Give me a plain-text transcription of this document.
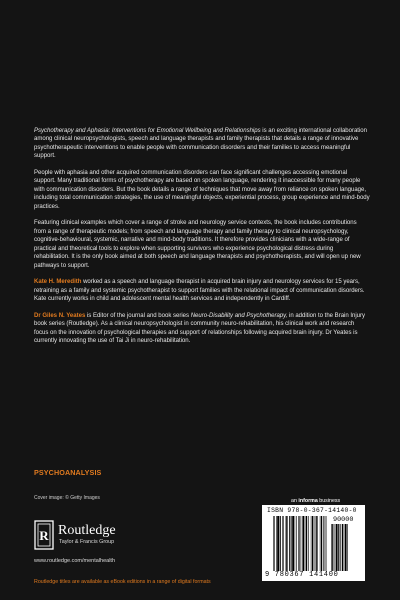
Psychotherapy and Aphasia: Interventions for Emotional Wellbeing and Relationships is an exciting international collaboration among clinical neuropsychologists, speech and language therapists and family therapists that details a range of innovative psychotherapeutic interventions to enable people with communication disorders and their families to access meaningful support.

People with aphasia and other acquired communication disorders can face significant challenges accessing emotional support. Many traditional forms of psychotherapy are based on spoken language, rendering it inaccessible for many people with communication disorders. But the book details a range of techniques that move away from reliance on spoken language, including total communication strategies, the use of meaningful objects, experiential process, group experience and mind-body practices.

Featuring clinical examples which cover a range of stroke and neurology service contexts, the book includes contributions from a range of therapeutic models; from speech and language therapy and family therapy to clinical neuropsychology, cognitive-behavioural, systemic, narrative and mind-body traditions. It therefore provides clinicians with a wide-range of practical and theoretical tools to explore when supporting survivors who experience psychological distress during rehabilitation. It is the only book aimed at both speech and language therapists and psychotherapists, and will open up new pathways to support.

Kate H. Meredith worked as a speech and language therapist in acquired brain injury and neurology services for 15 years, retraining as a family and systemic psychotherapist to support families with the relational impact of communication disorders. Kate currently works in child and adolescent mental health services and independently in Cardiff.

Dr Giles N. Yeates is Editor of the journal and book series Neuro-Disability and Psychotherapy, in addition to the Brain Injury book series (Routledge). As a clinical neuropsychologist in community neuro-rehabilitation, his clinical work and research focus on the innovation of psychological therapies and support of relationships following acquired brain injury. Dr Yeates is currently innovating the use of Tai Ji in neuro-rehabilitation.

PSYCHOANALYSIS
Cover image: © Getty Images
R Routledge
Taylor & Francis Group
www.routledge.com/mentalhealth
Routledge titles are available as eBook editions in a range of digital formats
an informa business
ISBN 978-0-367-14140-0
90000
9 780367 141400
